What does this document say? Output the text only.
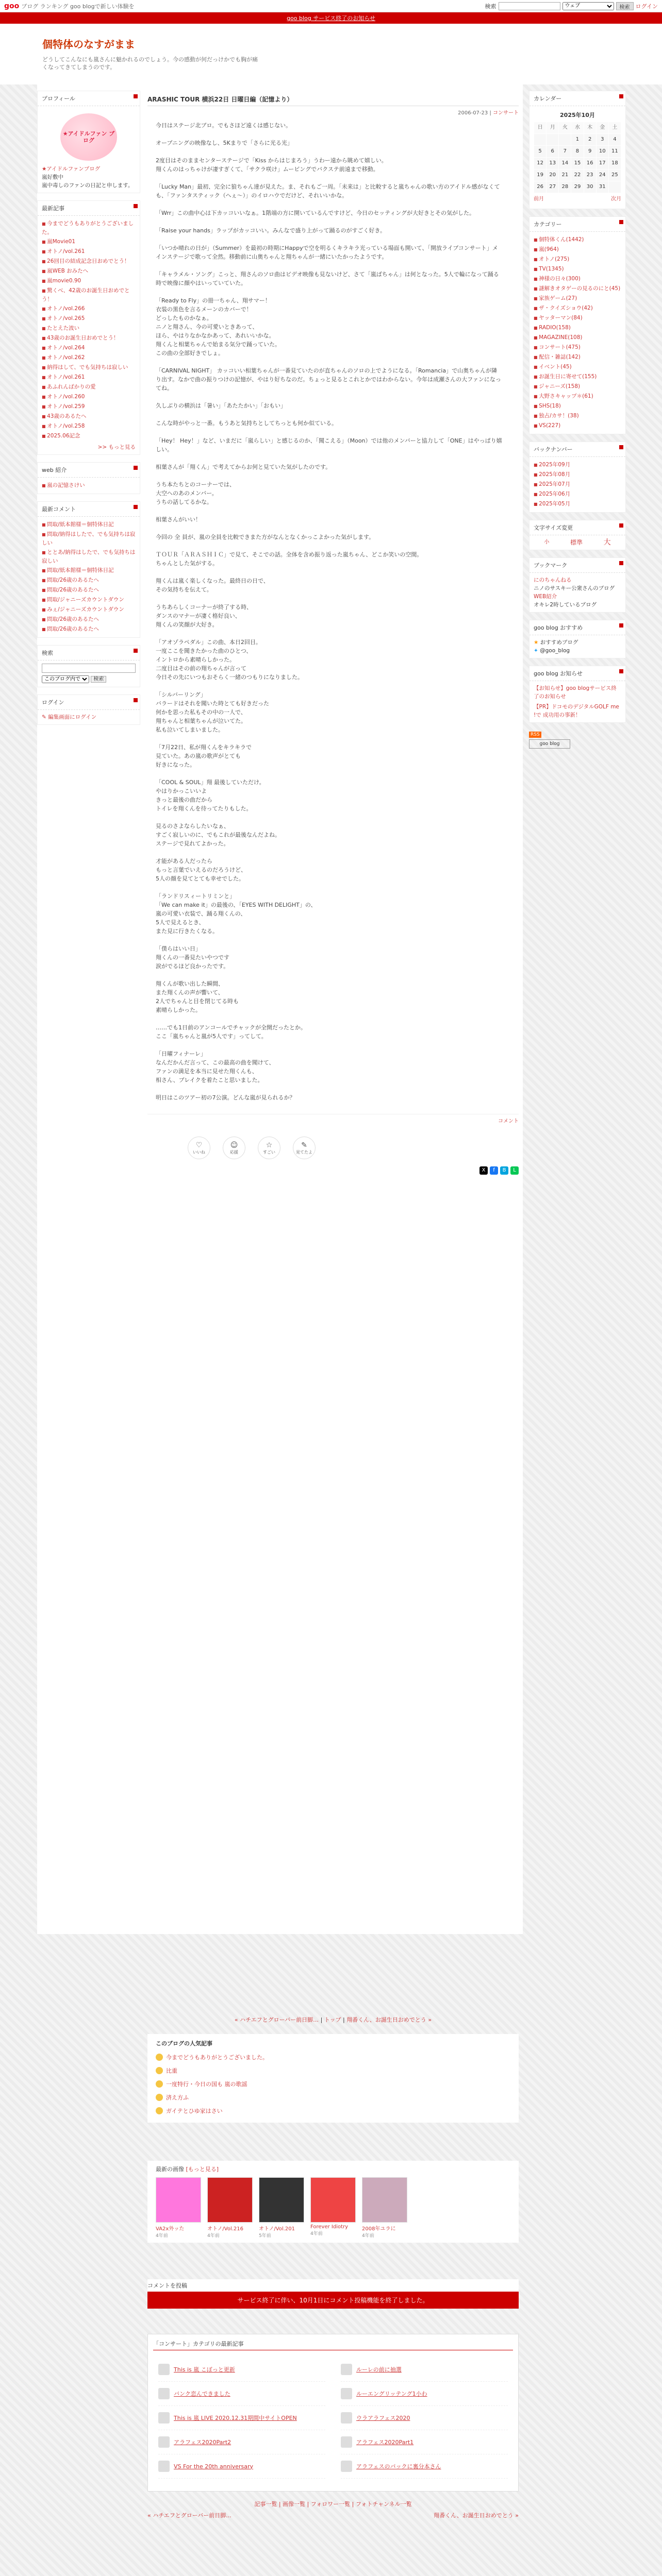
goo ブログ ランキング goo blogで新しい体験を	検索
ウェブ	検索	ログイン
goo blog サービス終了のお知らせ
個特体のなすがまま
どうしてこんなにも嵐さんに魅かれるのでしょう。今の感動が何だっけかでも胸が痛くなってきてしまうのです。
プロフィール
★アイドルファン ブログ
★アイドルファンブログ
嵐好敷中
嵐中毒しのファンの日記と申します。
最新記事
■ 今までどうもありがとうございました。
■ 嵐Movie01
■ オトノ/vol.261
■ 26回目の結成記念日おめでとう！
■ 嵐WEB おみたへ
■ 嵐movie0.90
■ 驚くべ、42歳のお誕生日おめでとう！
■ オトノ/vol.266
■ オトノ/vol.265
■ たとえた波い
■ 43歳のお誕生日おめでとう！
■ オトノ/vol.264
■ オトノ/vol.262
■ 納得はして、でも気持ちは寂しい
■ オトノ/vol.261
■ あふれんばかりの愛
■ オトノ/vol.260
■ オトノ/vol.259
■ 43歳のあるたへ
■ オトノ/vol.258
■ 2025.06記念
>> もっと見る
web 紹介
■ 嵐の記憶さけい
最新コメント
■ 問取/紙本館様＝個特体日記
■ 問取/納得はしたで、でも気持ちは寂しい
■ ととあ/納得はしたで、でも気持ちは寂しい
■ 問取/紙本館様＝個特体日記
■ 問取/26歳のあるたへ
■ 問取/26歳のあるたへ
■ 問取/ジャニーズカウントダウン
■ みぇ/ジャニーズカウントダウン
■ 問取/26歳のあるたへ
■ 問取/26歳のあるたへ
検索

このブログ内で 検索
ログイン
✎ 編集画面にログイン
ARASHIC TOUR 横浜22日 日曜日編（記憶より）
2006-07-23 | コンサート

今日はステージ北ブロ。でもさほど遠くは感じない。

オープニングの映像なし、5Kまりで「さらに光る光」

2度目はそのままセンターステージで「Kiss からはじまろう」うわー遠から眺めて嬉しい。
翔くんのはっちゃけが凄すぎくて、「サクラ咲け」ムービングでバクステ前遠まで移動。

「Lucky Man」最初、完全に狼ちゃん達が見えた。ま、それもご一周。「未来は」と比較すると嵐ちゃんの歌い方のアイドル感がなくても、「ファンタスティック（へぇ〜）」のイロハウでだけど、それいいかな。

「Wrr」この曲中心は下カッコいいなぁ。1階端の方に開いているんですけど、今日のセッティングが大好きとその気がした。

「Raise your hands」ラップがカッコいい。みんなで盛り上がって踊るのがすごく好き。

「いつか晴れの日が」（Summer）を最初の時期にHappyで空を明るくキラキラ光っている場面も開いて、「開放ライブコンサート」メインステージで歌って全然。移動前に山奥ちゃんと翔ちゃんが一緒にいたかったようです。

「キャラメル・ソング」こっと、翔さんのソロ曲はビデオ映像も見ないけど、さて「嵐ばちゃん」は何となった。5人で輪になって踊る時で映像に顔やはいっていていた。

「Ready to Fly」の冊一ちゃん、翔サマー！
衣装の黒色を言るメーンのカバーで！
どっしたものかなぁ。
ニノと翔さん、今の可愛いときあって、
ほら、やはりなかなかあって、あれいいかな。
翔くんと相葉ちゃんで始まる気分で踊っていた。
この曲の全部好きでしょ。

「CARNIVAL NIGHT」 カッコいい相葉ちゃんが一番見ていたのが直ちゃんのソロの上でようになる。「Romancia」で山奥ちゃんが隣り出す。なかで曲の振りつけの記憶が、やはり好ちなのだ。ちょっと見るとこれとかではわからない。今年は成瀬さんの大ファンになってね。

久しぶりの横浜は「暑い」「あたたかい」「おもい」

こんな時がやっと一番。もうあと気持ちとしてちっとも何か似ている。

「Hey！ Hey！」など、いまだに「嵐らしい」と感じるのか、「聞こえる」（Moon）では他のメンバーと協力して「ONE」はやっぱり嬉しい。

相葉さんが「翔くん」で考えてからお何と見ていた気がしたのです。

うち本たちとのコーナーでは、
大空へのあのメンバー。
うちの話してるかな。

相葉さんがいい！

今回の 全 員が、嵐の全員を比較できまた方がなんとなくかっこよかった気がします。

ＴＯＵＲ「ＡＲＡＳＨＩＣ」で見て、そこでの話。全体を含め振り返った嵐ちゃん、どこか笑いの空間。
ちゃんとした気がする。

翔くんは嵐く楽しくなった。最終日の日で、
その気持ちを伝えて。

うちあらしくコーナーが終了する時、
ダンスのマナーが凄く格好良い、
翔くんの笑顔が大好き。

「アオゾラペダル」この曲、本日2回目。
一度ここを聞きたかった曲のひとつ、
イントロから素晴らしかった。
二度目はその前の翔ちゃんが言って
今日その先にいつもおそらく一緒のつもりになりました。

「シルバーリング」
バラードはそれを聞いた時とても好きだった
何かを思った私もその中の一人で、
翔ちゃんと相葉ちゃんが泣いてた。
私も泣いてしまいました。

「7月22日、私が翔くんをキラキラで
見ていた。あの嵐の歌声がとても
好きになった。

「COOL & SOUL」翔 最後していただけ。
やはりかっこいいよ
きっと最後の曲だから
トイレを翔くんを待ってたりもした。

見るのさよならしたいなぁ、
すごく寂しいのに、でもこれが最後なんだよね。
ステージで見れてよかった。

才能がある人だったら
もっと言葉でいえるのだろうけど、
5人の顔を見てとても幸せでした。

「ランドリスィートリミンと」
「We can make it」の最後の、「EYES WITH DELIGHT」の、
嵐の可愛い衣装で、踊る翔くんの、
5人で見えるとき、
また見に行きたくなる。

「僕らはいい日」
翔くんの一番見たいやつです
涙がでるほど良かったです。

翔くんが歌い出した瞬間、
また翔くんの声が響いて、
2人でちゃんと目を閉じてる時も
素晴らしかった。

……でも1日前のアンコールでチャックが全開だったとか。
ここ「嵐ちゃんと嵐が5人です」ってして。

「日曜フィナーレ」
なんだかんだ言って、この最高の曲を聞けて、
ファンの満足を本当に見せた翔くんも、
相さん、ブレイクを着たこと思いました。

明日はこのツアー初の7公演。どんな嵐が見られるか？

コメント
♡
いいね
☺
応援
☆
すごい
✎
見てたよ
X	f	B	L
カレンダー
2025年10月
日	月	火	水	木	金	土
			1	2	3	4
5	6	7	8	9	10	11
12	13	14	15	16	17	18
19	20	21	22	23	24	25
26	27	28	29	30	31	
前月	次月
カテゴリー
■ 個特体くん(1442)
■ 嵐(964)
■ オトノ(275)
■ TV(1345)
■ 神様の日々(300)
■ 謎解きオタゲーの見るのにと(45)
■ 家族ゲーム(27)
■ ザ・クイズショウ(42)
■ ヤッターマン(84)
■ RADIO(158)
■ MAGAZINE(108)
■ コンサート(475)
■ 配信・雑誌(142)
■ イベント(45)
■ お誕生日に寄せて(155)
■ ジャニーズ(158)
■ 大野さキャップ＊(61)
■ SHS(18)
■ 独占/カサ！(38)
■ VS(227)
バックナンバー
■ 2025年09月
■ 2025年08月
■ 2025年07月
■ 2025年06月
■ 2025年05月
文字サイズ変更
小	標準	大
ブックマーク
にのちゃんねる
ニノのサスキー公衆さんのブログ
WEB紹介
オキレ2時しているブログ
goo blog おすすめ
★ おすすめブログ
✦ @goo_blog
goo blog お知らせ
【お知らせ】goo blogサービス終了のお知らせ
【PR】ドコモのデジタルGOLF me !で 成功用の事新！
RSS
goo blog
« ハチエフとグローバー前日脚… | トップ | 翔番くん、お誕生日おめでとう »
このブログの人気記事
今までどうもありがとうございました。
比重
一度特行・今日の国も 嵐の歌謡
済え方ふ
ガイテとひゆ家はさい
最新の画像 [もっと見る]
VA2x外ッた
4年前
オトノ/Vol.216
4年前
オトノ/Vol.201
5年前
Forever Idiotry
4年前
2008年ユラに
4年前
コメントを投稿
サービス終了に伴い、10月1日にコメント投稿機能を終了しました。
「コンサート」カテゴリの最新記事
This is 嵐 こぼっと更新	ルーレの前に抽選
バンク恋んできました	ルーエングリッテング1小わ
This is 嵐 LIVE 2020.12.31期間中サイトOPEN	ウラアラフェス2020
アラフェス2020Part2	アラフェス2020Part1
VS For the 20th anniversary	アラフェスのパックに裏分本さん
記事一覧 | 画像一覧 | フォロワー一覧 | フォトチャンネル一覧
« ハチエフとグローバー前日脚...	翔番くん、お誕生日おめでとう »
